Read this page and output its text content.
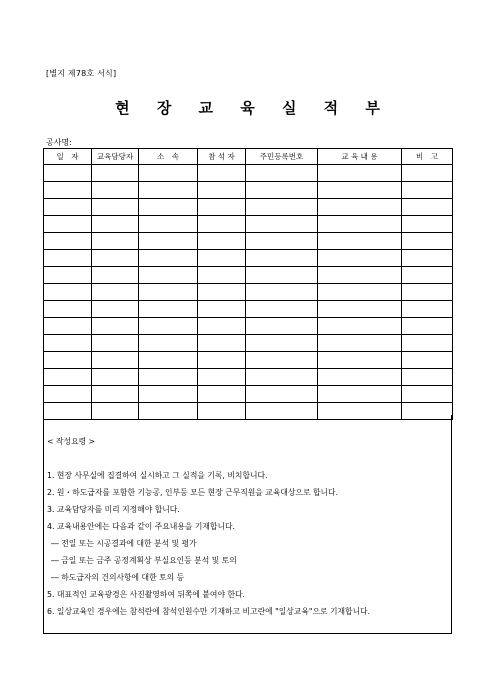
[별지 제78호 서식]
현 장 교 육 실 적 부
공사명:
일　자	교육담당자	소　속	참 석 자	주민등록번호	교 육 내 용	비　고

< 작성요령 >
1. 현장 사무실에 집결하여 실시하고 그 실적을 기록, 비치합니다.
2. 원・하도급자를 포함한 기능공, 인부등 모든 현장 근무직원을 교육대상으로 합니다.
3. 교육담당자를 미리 지정해야 합니다.
4. 교육내용안에는 다음과 같이 주요내용을 기재합니다.
― 전일 또는 시공결과에 대한 분석 및 평가
― 금일 또는 금주 공정계획상 부실요인등 분석 및 토의
― 하도급자의 건의사항에 대한 토의 등
5. 대표적인 교육광경은 사진촬영하여 뒤쪽에 붙여야 한다.
6. 일상교육인 경우에는 참석란에 참석인원수만 기재하고 비고란에 "일상교육"으로 기재합니다.
